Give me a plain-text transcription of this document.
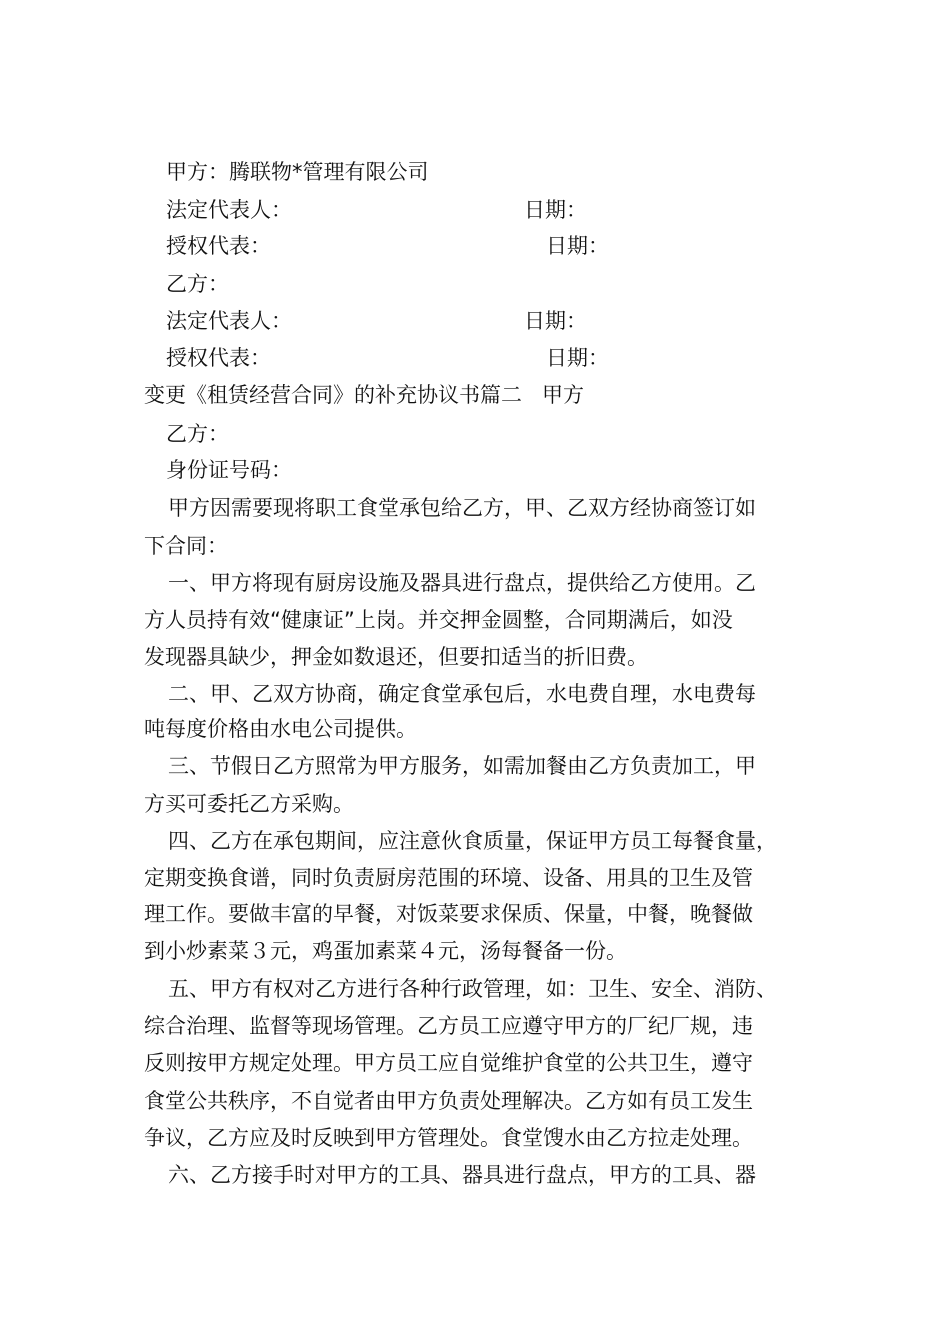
甲方：腾联物*管理有限公司
法定代表人：	日期：
授权代表：	日期：
乙方：
法定代表人：	日期：
授权代表：	日期：
变更《租赁经营合同》的补充协议书篇二   甲方
乙方：
身份证号码：
甲方因需要现将职工食堂承包给乙方，甲、乙双方经协商签订如
下合同：
一、甲方将现有厨房设施及器具进行盘点，提供给乙方使用。乙
方人员持有效“健康证”上岗。并交押金圆整，合同期满后，如没
发现器具缺少，押金如数退还，但要扣适当的折旧费。
二、甲、乙双方协商，确定食堂承包后，水电费自理，水电费每
吨每度价格由水电公司提供。
三、节假日乙方照常为甲方服务，如需加餐由乙方负责加工，甲
方买可委托乙方采购。
四、乙方在承包期间，应注意伙食质量，保证甲方员工每餐食量，
定期变换食谱，同时负责厨房范围的环境、设备、用具的卫生及管
理工作。要做丰富的早餐，对饭菜要求保质、保量，中餐，晚餐做
到小炒素菜３元，鸡蛋加素菜４元，汤每餐备一份。
五、甲方有权对乙方进行各种行政管理，如：卫生、安全、消防、
综合治理、监督等现场管理。乙方员工应遵守甲方的厂纪厂规，违
反则按甲方规定处理。甲方员工应自觉维护食堂的公共卫生，遵守
食堂公共秩序，不自觉者由甲方负责处理解决。乙方如有员工发生
争议，乙方应及时反映到甲方管理处。食堂馊水由乙方拉走处理。
六、乙方接手时对甲方的工具、器具进行盘点，甲方的工具、器
